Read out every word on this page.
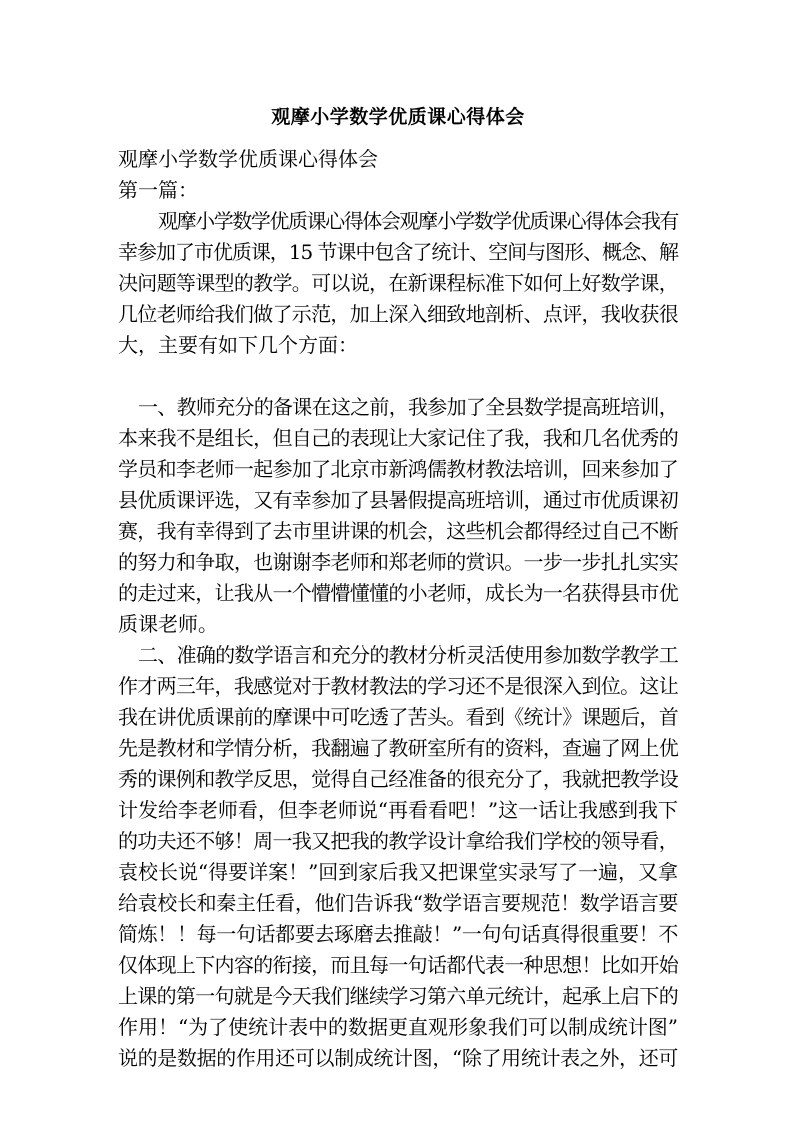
观摩小学数学优质课心得体会
观摩小学数学优质课心得体会
第一篇：
观摩小学数学优质课心得体会观摩小学数学优质课心得体会我有
幸参加了市优质课，15 节课中包含了统计、空间与图形、概念、解
决问题等课型的教学。可以说，在新课程标准下如何上好数学课，
几位老师给我们做了示范，加上深入细致地剖析、点评，我收获很
大，主要有如下几个方面：
一、教师充分的备课在这之前，我参加了全县数学提高班培训，
本来我不是组长，但自己的表现让大家记住了我，我和几名优秀的
学员和李老师一起参加了北京市新鸿儒教材教法培训，回来参加了
县优质课评选，又有幸参加了县暑假提高班培训，通过市优质课初
赛，我有幸得到了去市里讲课的机会，这些机会都得经过自己不断
的努力和争取，也谢谢李老师和郑老师的赏识。一步一步扎扎实实
的走过来，让我从一个懵懵懂懂的小老师，成长为一名获得县市优
质课老师。
二、准确的数学语言和充分的教材分析灵活使用参加数学教学工
作才两三年，我感觉对于教材教法的学习还不是很深入到位。这让
我在讲优质课前的摩课中可吃透了苦头。看到《统计》课题后，首
先是教材和学情分析，我翻遍了教研室所有的资料，查遍了网上优
秀的课例和教学反思，觉得自己经准备的很充分了，我就把教学设
计发给李老师看，但李老师说“再看看吧！”这一话让我感到我下
的功夫还不够！周一我又把我的教学设计拿给我们学校的领导看，
袁校长说“得要详案！”回到家后我又把课堂实录写了一遍，又拿
给袁校长和秦主任看，他们告诉我“数学语言要规范！数学语言要
简炼！！每一句话都要去琢磨去推敲！”一句句话真得很重要！不
仅体现上下内容的衔接，而且每一句话都代表一种思想！比如开始
上课的第一句就是今天我们继续学习第六单元统计，起承上启下的
作用！“为了使统计表中的数据更直观形象我们可以制成统计图”
说的是数据的作用还可以制成统计图，“除了用统计表之外，还可
